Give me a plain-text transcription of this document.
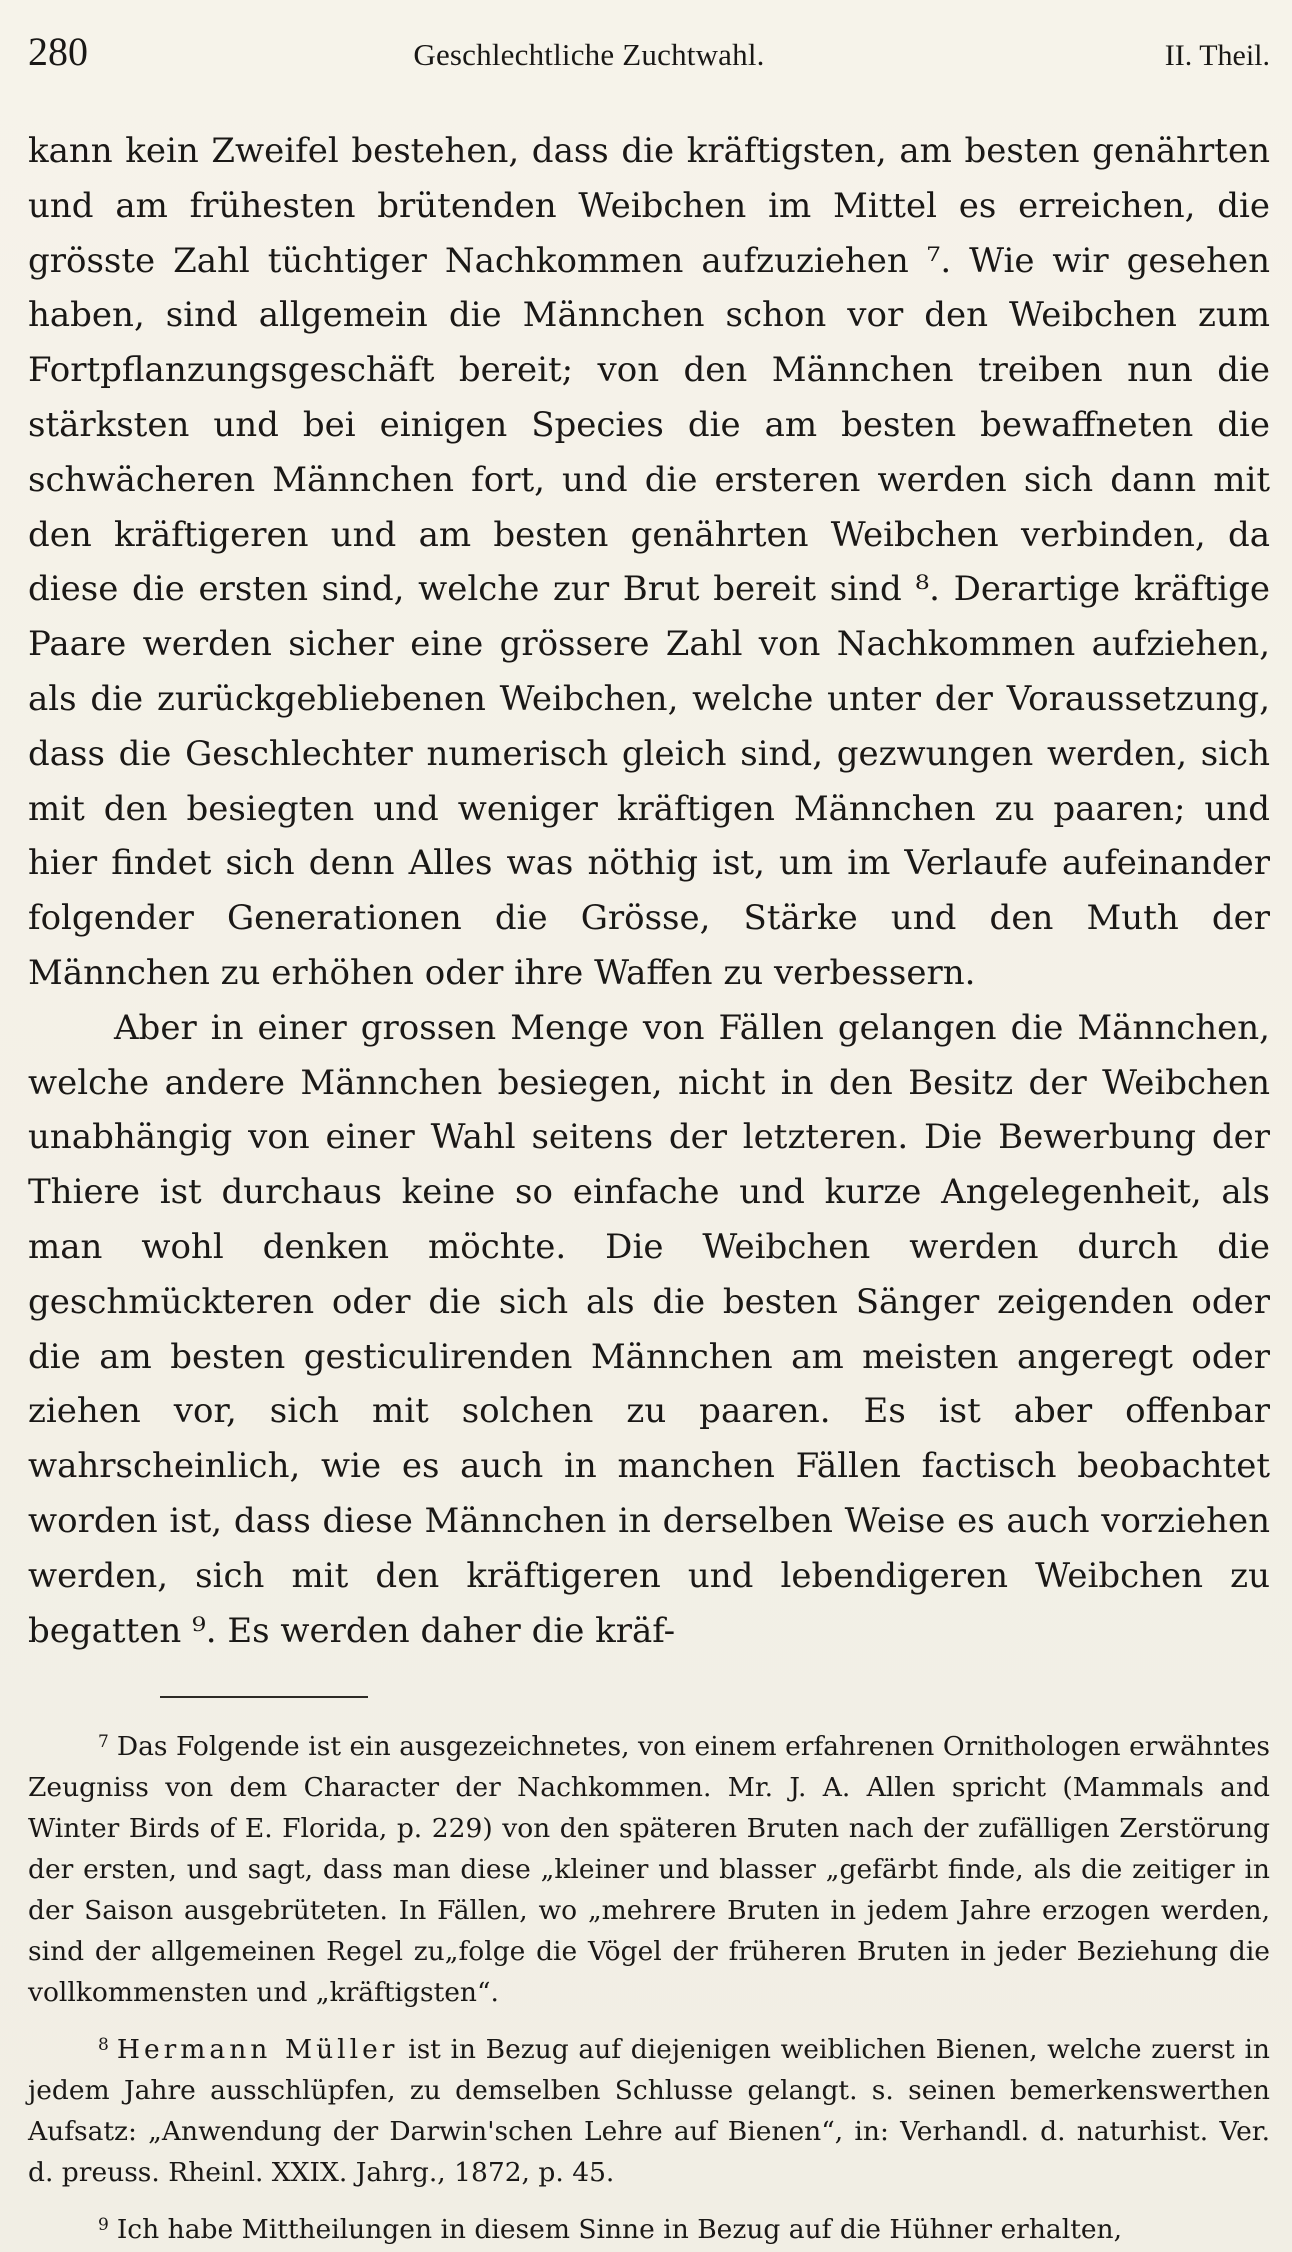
280	Geschlechtliche Zuchtwahl.	II. Theil.

kann kein Zweifel bestehen, dass die kräftigsten, am besten genährten und am frühesten brütenden Weibchen im Mittel es erreichen, die grösste Zahl tüchtiger Nachkommen aufzuziehen ⁷. Wie wir gesehen haben, sind allgemein die Männchen schon vor den Weibchen zum Fortpflanzungsgeschäft bereit; von den Männchen treiben nun die stärksten und bei einigen Species die am besten bewaffneten die schwächeren Männchen fort, und die ersteren werden sich dann mit den kräftigeren und am besten genährten Weibchen verbinden, da diese die ersten sind, welche zur Brut bereit sind ⁸. Derartige kräftige Paare werden sicher eine grössere Zahl von Nachkommen aufziehen, als die zurückgebliebenen Weibchen, welche unter der Voraussetzung, dass die Geschlechter numerisch gleich sind, gezwungen werden, sich mit den besiegten und weniger kräftigen Männchen zu paaren; und hier findet sich denn Alles was nöthig ist, um im Verlaufe aufeinander folgender Generationen die Grösse, Stärke und den Muth der Männchen zu erhöhen oder ihre Waffen zu verbessern.

Aber in einer grossen Menge von Fällen gelangen die Männchen, welche andere Männchen besiegen, nicht in den Besitz der Weibchen unabhängig von einer Wahl seitens der letzteren. Die Bewerbung der Thiere ist durchaus keine so einfache und kurze Angelegenheit, als man wohl denken möchte. Die Weibchen werden durch die geschmückteren oder die sich als die besten Sänger zeigenden oder die am besten gesticulirenden Männchen am meisten angeregt oder ziehen vor, sich mit solchen zu paaren. Es ist aber offenbar wahrscheinlich, wie es auch in manchen Fällen factisch beobachtet worden ist, dass diese Männchen in derselben Weise es auch vorziehen werden, sich mit den kräftigeren und lebendigeren Weibchen zu begatten ⁹. Es werden daher die kräf-

$^7$ Das Folgende ist ein ausgezeichnetes, von einem erfahrenen Ornithologen erwähntes Zeugniss von dem Character der Nachkommen. Mr. J. A. Allen spricht (Mammals and Winter Birds of E. Florida, p. 229) von den späteren Bruten nach der zufälligen Zerstörung der ersten, und sagt, dass man diese „kleiner und blasser „gefärbt finde, als die zeitiger in der Saison ausgebrüteten. In Fällen, wo „mehrere Bruten in jedem Jahre erzogen werden, sind der allgemeinen Regel zu„folge die Vögel der früheren Bruten in jeder Beziehung die vollkommensten und „kräftigsten“.

$^8$ Hermann Müller ist in Bezug auf diejenigen weiblichen Bienen, welche zuerst in jedem Jahre ausschlüpfen, zu demselben Schlusse gelangt. s. seinen bemerkenswerthen Aufsatz: „Anwendung der Darwin'schen Lehre auf Bienen“, in: Verhandl. d. naturhist. Ver. d. preuss. Rheinl. XXIX. Jahrg., 1872, p. 45.

$^9$ Ich habe Mittheilungen in diesem Sinne in Bezug auf die Hühner erhalten,
